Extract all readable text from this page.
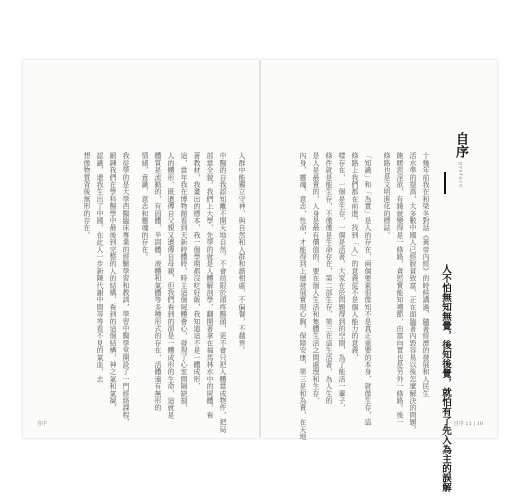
人群中能獨立守神，與自然和人群和諧相處，不偏餐，不越界。
中醫的自我認知離不開天地自然，不會局限於頭疼醫頭，更不會只把人體當成物件，把局
部當全貌，我們上大學，先學的就是人體解剖學，翻開著拿在福馬林水中的屍體，看
著教材，我畫出的標本，我一個學期都沒吃好飯，我知道這不是一體成形，
這，當年我在博物館看到天新時體時，時主這個屍體會心，發現了心室間隔缺損，
人的體形，既遺傳自父親又遺傳自母親，但我們看到的卻是一體成形的生命，這就是
體質是流動的，有固體，半固體，液體和氣體等多種形式的存在，活體遠有無形的
情緒，意識，意志和靈魂的存在。
我從學的是大學西醫臨床專業的經驗學習和教訓，學習中醫學堂開設了一門經絡課程，
鍛鍊我們在學科醫學中最後到完整的人的結構，看到的這個結構，神之氣和氣凝，
認識，還我生出了中國，在此人一步新陳代謝中間等等看不見的氣血，去
想像物質背後無形的存在。
自序
自序
preface
人不怕無知無覺，後知後覺，就怕有了先入為主的誤解
十幾年前我在和梁冬對話《黃帝內經》的時候講過，隨著經濟的發展和人民生
活水準的提高，大多數中國人已經脫貧致富，正在面臨著內毀容易以後怎麼解決的問題，
飽暖思淫欲，有錢就變得是一條路，貪慾實能知禮節，由富向貴也是另外一條路。後一
條路也是文明進化的標誌。
「知識」和「為貴」是人的存在，兩個要素很像知不是真正重要的本身，就像生存，這
條路上我們都在前進，找到「人」的意義從不是個人能力的意義，
樣存在，一個是生存，一個是活著，大家在於問題得到的空間，為了能活一輩子，
條件就是能生存，不僅僅是生命存在，第二部生存，第三在這生活著，為人生的
是人是最貴的，人身是最有價值的，要在個人生活和集體生活之間處理和生存，
內身，靈魂，意志，性命，才能得到上層發展實現心胸，保障安康，第三是和為貴，在天地	自序 11 | 10
